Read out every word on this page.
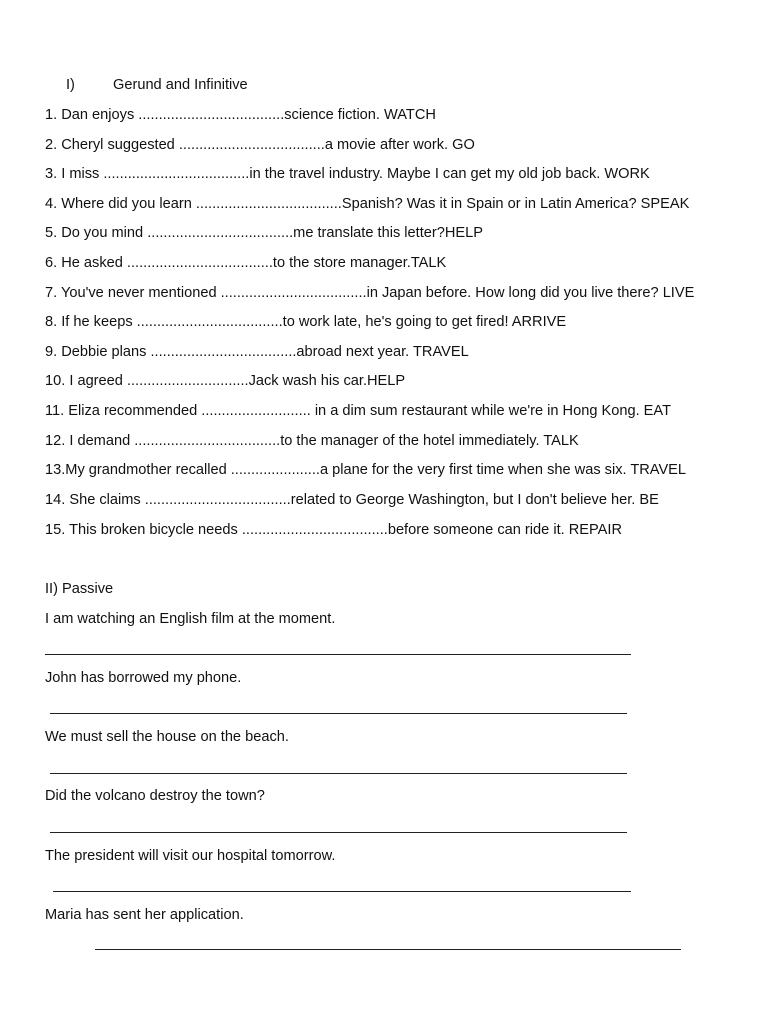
I)	Gerund and Infinitive
1. Dan enjoys ....................................science fiction. WATCH
2. Cheryl suggested ....................................a movie after work. GO
3. I miss ....................................in the travel industry. Maybe I can get my old job back. WORK
4. Where did you learn ....................................Spanish? Was it in Spain or in Latin America? SPEAK
5. Do you mind ....................................me translate this letter?HELP
6. He asked ....................................to the store manager.TALK
7. You've never mentioned ....................................in Japan before. How long did you live there? LIVE
8. If he keeps ....................................to work late, he's going to get fired! ARRIVE
9. Debbie plans ....................................abroad next year. TRAVEL
10. I agreed ..............................Jack wash his car.HELP
11. Eliza recommended ........................... in a dim sum restaurant while we're in Hong Kong. EAT
12. I demand ....................................to the manager of the hotel immediately. TALK
13.My grandmother recalled ......................a plane for the very first time when she was six. TRAVEL
14. She claims ....................................related to George Washington, but I don't believe her. BE
15. This broken bicycle needs ....................................before someone can ride it. REPAIR
II) Passive
I am watching an English film at the moment.
John has borrowed my phone.
We must sell the house on the beach.
Did the volcano destroy the town?
The president will visit our hospital tomorrow.
Maria has sent her application.
